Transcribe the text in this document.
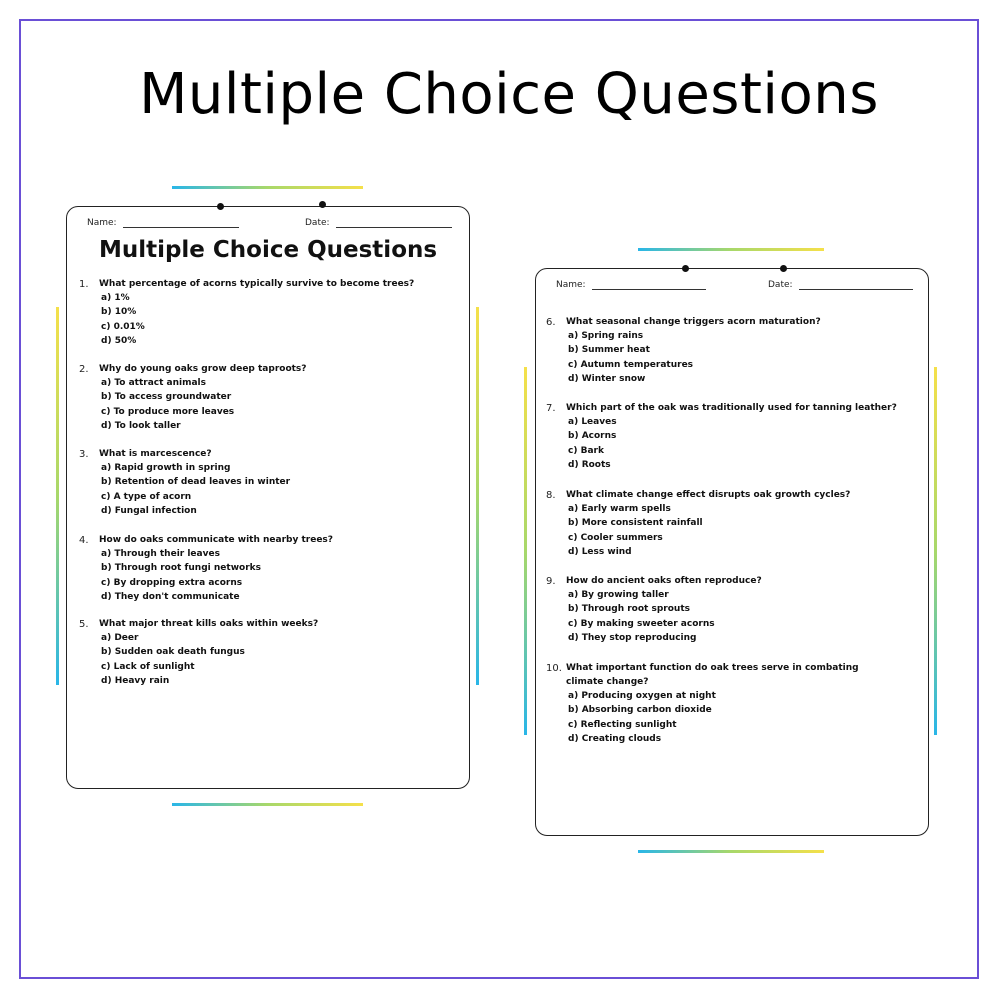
Multiple Choice Questions
Name:	Date:
Multiple Choice Questions
1. What percentage of acorns typically survive to become trees?
a) 1%
b) 10%
c) 0.01%
d) 50%
2. Why do young oaks grow deep taproots?
a) To attract animals
b) To access groundwater
c) To produce more leaves
d) To look taller
3. What is marcescence?
a) Rapid growth in spring
b) Retention of dead leaves in winter
c) A type of acorn
d) Fungal infection
4. How do oaks communicate with nearby trees?
a) Through their leaves
b) Through root fungi networks
c) By dropping extra acorns
d) They don't communicate
5. What major threat kills oaks within weeks?
a) Deer
b) Sudden oak death fungus
c) Lack of sunlight
d) Heavy rain
Name:	Date:
6. What seasonal change triggers acorn maturation?
a) Spring rains
b) Summer heat
c) Autumn temperatures
d) Winter snow
7. Which part of the oak was traditionally used for tanning leather?
a) Leaves
b) Acorns
c) Bark
d) Roots
8. What climate change effect disrupts oak growth cycles?
a) Early warm spells
b) More consistent rainfall
c) Cooler summers
d) Less wind
9. How do ancient oaks often reproduce?
a) By growing taller
b) Through root sprouts
c) By making sweeter acorns
d) They stop reproducing
10. What important function do oak trees serve in combating climate change?
a) Producing oxygen at night
b) Absorbing carbon dioxide
c) Reflecting sunlight
d) Creating clouds
